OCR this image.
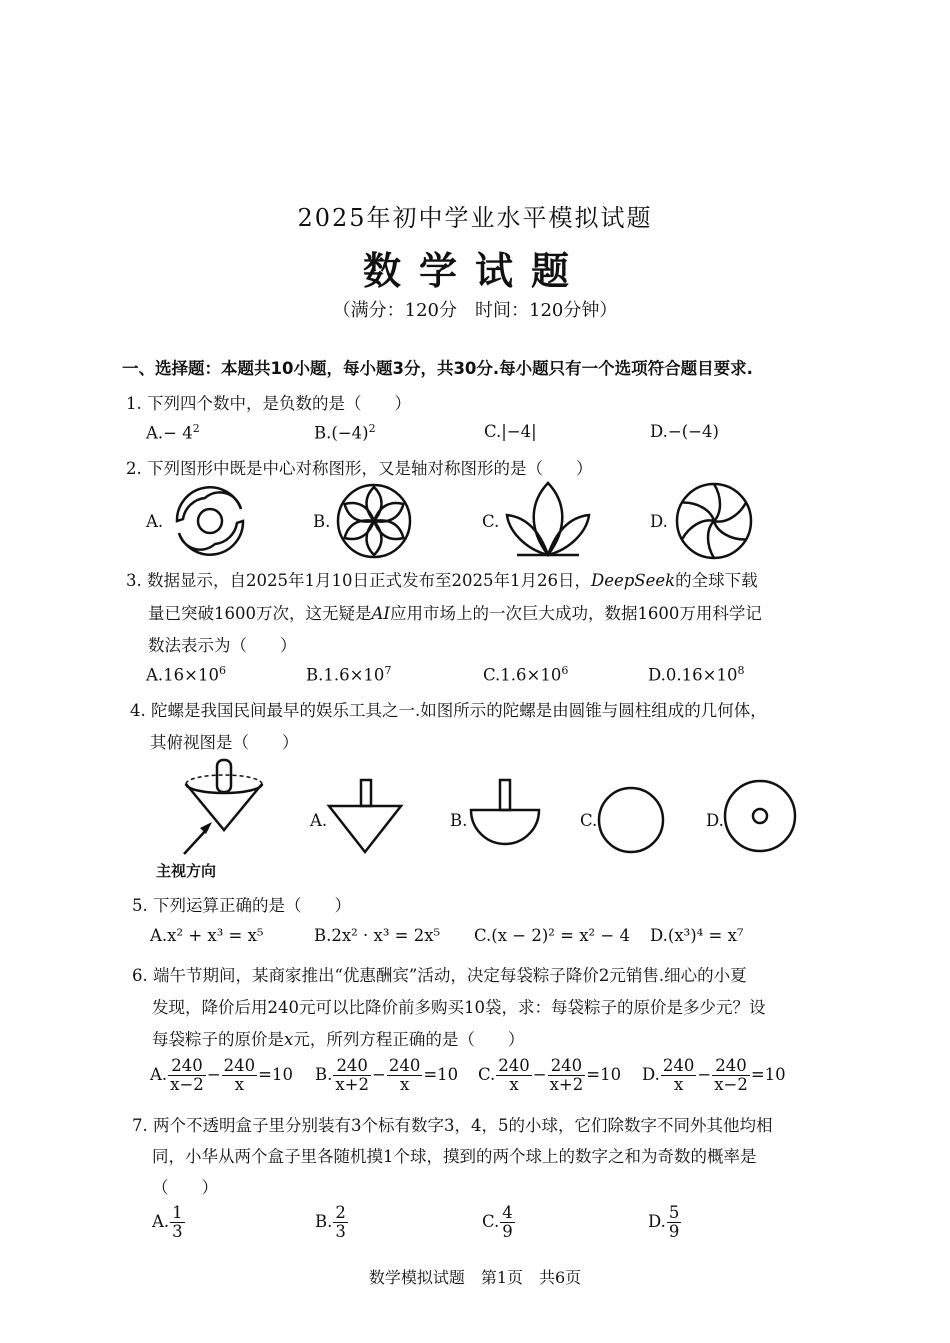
2025年初中学业水平模拟试题
数学试题
（满分：120分　时间：120分钟）
一、选择题：本题共10小题，每小题3分，共30分.每小题只有一个选项符合题目要求.
1. 下列四个数中，是负数的是（　　）
$A.- 4^2$	$B.(-4)^2$	C.|−4|	D.−(−4)
2. 下列图形中既是中心对称图形，又是轴对称图形的是（　　）
A.	B.	C.	D.
3. 数据显示，自2025年1月10日正式发布至2025年1月26日，DeepSeek的全球下载
量已突破1600万次，这无疑是AI应用市场上的一次巨大成功，数据1600万用科学记
数法表示为（　　）
$A.16\times 10^6$	$B.1.6\times 10^7$	$C.1.6\times 10^6$	$D.0.16\times 10^8$
4. 陀螺是我国民间最早的娱乐工具之一.如图所示的陀螺是由圆锥与圆柱组成的几何体，
其俯视图是（　　）
主视方向
A.	B.	C.	D.
5. 下列运算正确的是（　　）
A.x² + x³ = x⁵	B.2x² · x³ = 2x⁵ C.(x − 2)² = x² − 4 D.(x³)⁴ = x⁷
6. 端午节期间，某商家推出“优惠酬宾”活动，决定每袋粽子降价2元销售.细心的小夏
发现，降价后用240元可以比降价前多购买10袋，求：每袋粽子的原价是多少元？设
每袋粽子的原价是x元，所列方程正确的是（　　）
A. $\frac{240}{x-2} - \frac{240}{x} =10$ B. $\frac{240}{x+2} - \frac{240}{x} =10$ C. $\frac{240}{x} - \frac{240}{x+2} =10$ D. $\frac{240}{x} - \frac{240}{x-2} =10$
7. 两个不透明盒子里分别装有3个标有数字3，4，5的小球，它们除数字不同外其他均相
同，小华从两个盒子里各随机摸1个球，摸到的两个球上的数字之和为奇数的概率是
（　　）
A. $\frac{1}{3}$	B. $\frac{2}{3}$	C. $\frac{4}{9}$	D. $\frac{5}{9}$
数学模拟试题　第1页　共6页
